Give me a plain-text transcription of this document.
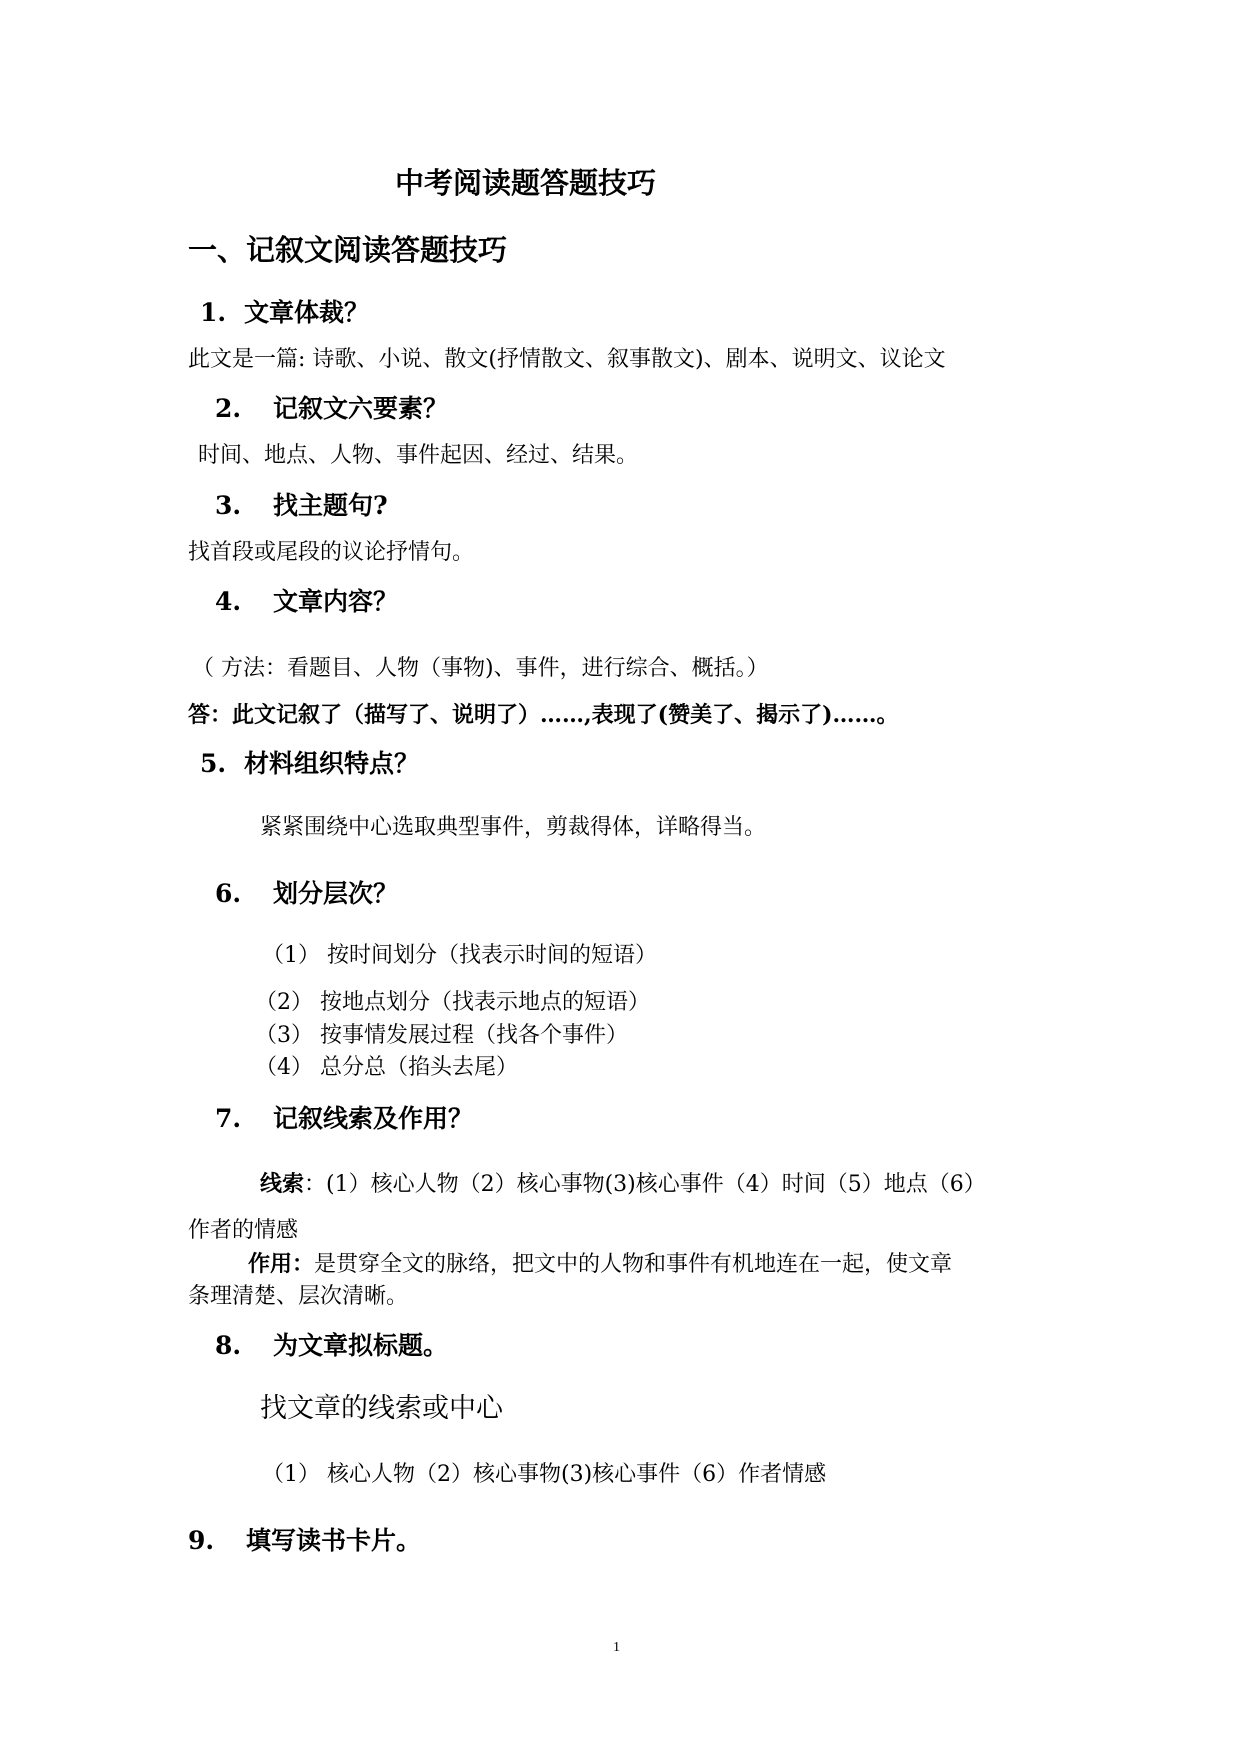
中考阅读题答题技巧
一、记叙文阅读答题技巧
1. 文章体裁？
此文是一篇: 诗歌、小说、散文(抒情散文、叙事散文)、剧本、说明文、议论文
2. 记叙文六要素？
时间、地点、人物、事件起因、经过、结果。
3. 找主题句?
找首段或尾段的议论抒情句。
4. 文章内容？
（ 方法：看题目、人物（事物)、事件，进行综合、概括。）
答：此文记叙了（描写了、说明了）……,表现了(赞美了、揭示了)……。
5. 材料组织特点？
紧紧围绕中心选取典型事件，剪裁得体，详略得当。
6. 划分层次？
（1） 按时间划分（找表示时间的短语）
（2） 按地点划分（找表示地点的短语）
（3） 按事情发展过程（找各个事件）
（4） 总分总（掐头去尾）
7. 记叙线索及作用？
线索：(1）核心人物（2）核心事物(3)核心事件（4）时间（5）地点（6）
作者的情感
作用：是贯穿全文的脉络，把文中的人物和事件有机地连在一起，使文章
条理清楚、层次清晰。
8. 为文章拟标题。
找文章的线索或中心
（1） 核心人物（2）核心事物(3)核心事件（6）作者情感
9. 填写读书卡片。
1
